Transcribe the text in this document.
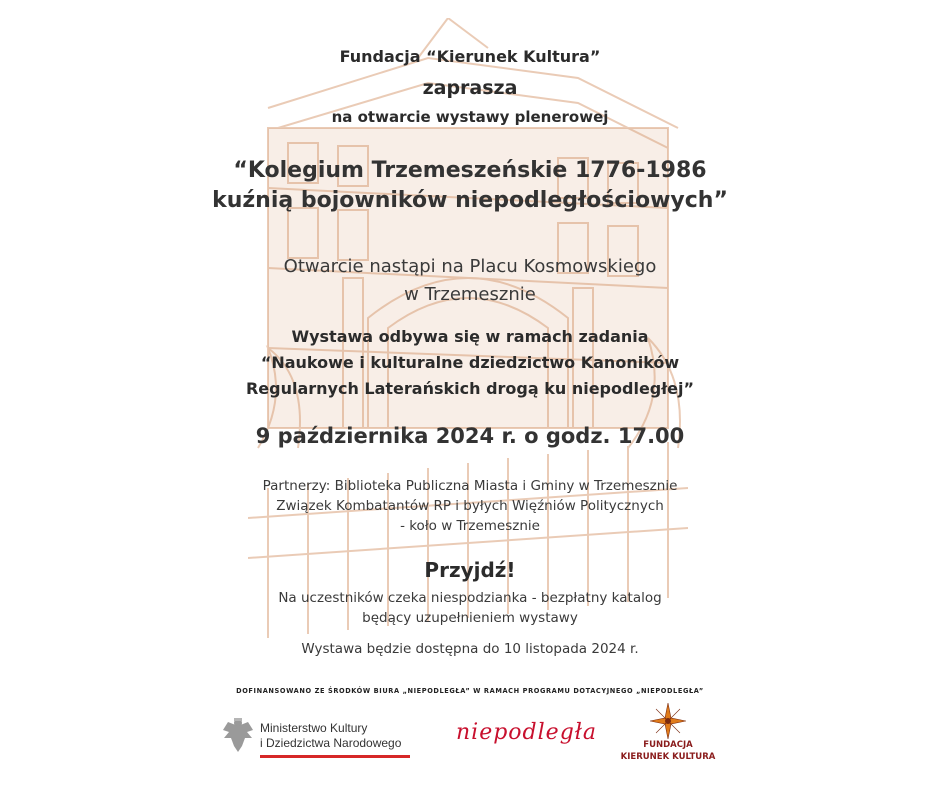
Fundacja “Kierunek Kultura”
zaprasza
na otwarcie wystawy plenerowej
“Kolegium Trzemeszeńskie 1776-1986
kuźnią bojowników niepodległościowych”
Otwarcie nastąpi na Placu Kosmowskiego
w Trzemesznie
Wystawa odbywa się w ramach zadania
“Naukowe i kulturalne dziedzictwo Kanoników
Regularnych Laterańskich drogą ku niepodległej”
9 października 2024 r. o godz. 17.00
Partnerzy: Biblioteka Publiczna Miasta i Gminy w Trzemesznie
Związek Kombatantów RP i byłych Więźniów Politycznych
- koło w Trzemesznie
Przyjdź!
Na uczestników czeka niespodzianka - bezpłatny katalog
będący uzupełnieniem wystawy
Wystawa będzie dostępna do 10 listopada 2024 r.
DOFINANSOWANO ZE ŚRODKÓW BIURA „NIEPODLEGŁA” W RAMACH PROGRAMU DOTACYJNEGO „NIEPODLEGŁA”
Ministerstwo Kultury
i Dziedzictwa Narodowego niepodległa	FUNDACJA
KIERUNEK KULTURA
